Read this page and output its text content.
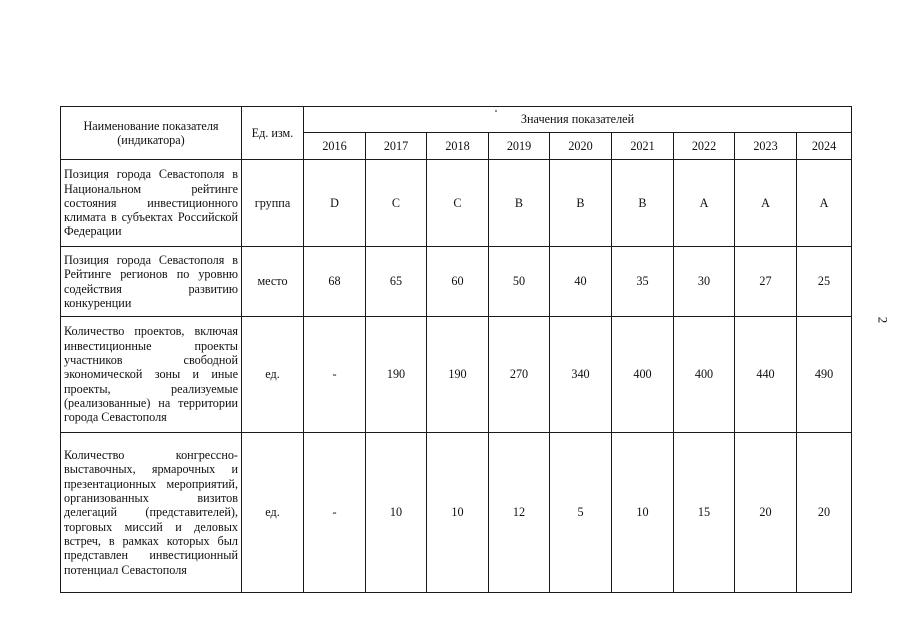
Наименование показателя (индикатора)	Ед. изм.	Значения показателей								
		2016	2017	2018	2019	2020	2021	2022	2023	2024
Позиция города Севастополя в Национальном рейтинге состояния инвестиционного климата в субъектах Российской Федерации	группа	D	C	C	B	B	B	A	A	A
Позиция города Севастополя в Рейтинге регионов по уровню содействия развитию конкуренции	место	68	65	60	50	40	35	30	27	25
Количество проектов, включая инвестиционные проекты участников свободной экономической зоны и иные проекты, реализуемые (реализованные) на территории города Севастополя	ед.	-	190	190	270	340	400	400	440	490
Количество конгрессно-выставочных, ярмарочных и презентационных мероприятий, организованных визитов делегаций (представителей), торговых миссий и деловых встреч, в рамках которых был представлен инвестиционный потенциал Севастополя	ед.	-	10	10	12	5	10	15	20	20
2
